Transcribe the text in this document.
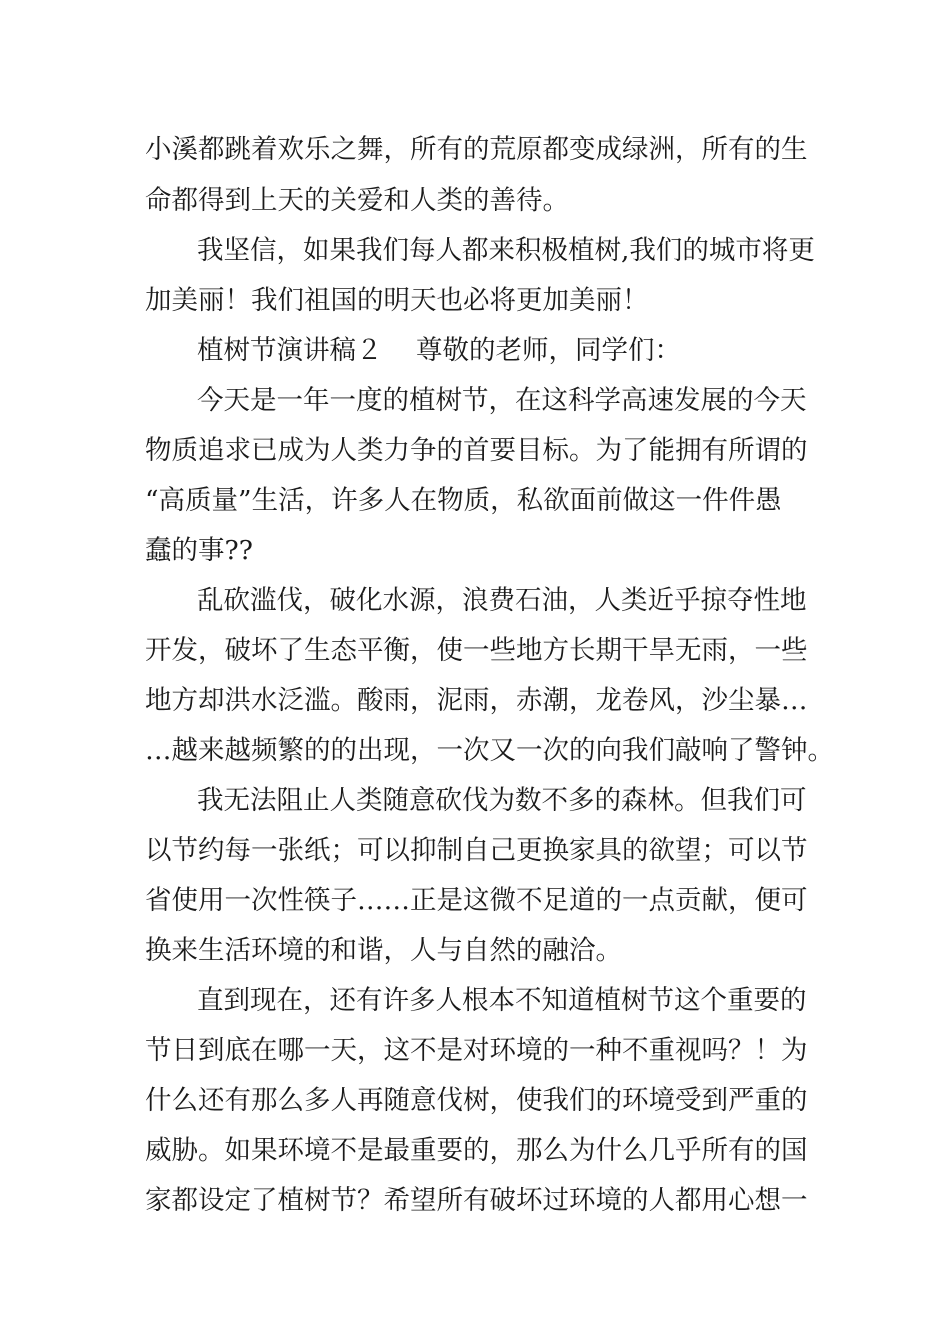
小溪都跳着欢乐之舞，所有的荒原都变成绿洲，所有的生
命都得到上天的关爱和人类的善待。
我坚信，如果我们每人都来积极植树,我们的城市将更
加美丽！我们祖国的明天也必将更加美丽！
植树节演讲稿２ 尊敬的老师，同学们：
今天是一年一度的植树节，在这科学高速发展的今天
物质追求已成为人类力争的首要目标。为了能拥有所谓的
“高质量”生活，许多人在物质，私欲面前做这一件件愚
蠢的事??
乱砍滥伐，破化水源，浪费石油，人类近乎掠夺性地
开发，破坏了生态平衡，使一些地方长期干旱无雨，一些
地方却洪水泛滥。酸雨，泥雨，赤潮，龙卷风，沙尘暴…
…越来越频繁的的出现，一次又一次的向我们敲响了警钟。
我无法阻止人类随意砍伐为数不多的森林。但我们可
以节约每一张纸；可以抑制自己更换家具的欲望；可以节
省使用一次性筷子……正是这微不足道的一点贡献，便可
换来生活环境的和谐，人与自然的融洽。
直到现在，还有许多人根本不知道植树节这个重要的
节日到底在哪一天，这不是对环境的一种不重视吗？！为
什么还有那么多人再随意伐树，使我们的环境受到严重的
威胁。如果环境不是最重要的，那么为什么几乎所有的国
家都设定了植树节？希望所有破坏过环境的人都用心想一
